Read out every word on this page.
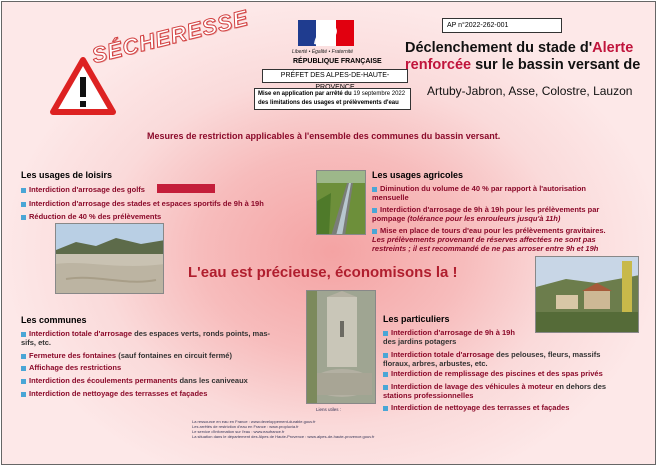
SÉCHERESSE	Liberté • Égalité • Fraternité
RÉPUBLIQUE FRANÇAISE
PRÉFET DES ALPES-DE-HAUTE-
Mise en application par arrêté du 19 septembre 2022
des limitations des usages et prélèvements d'eau
AP n°2022-262-001
Déclenchement du stade d'Alerte
renforcée sur le bassin versant de
Artuby-Jabron, Asse, Colostre, Lauzon
Mesures de restriction applicables à l'ensemble des communes du bassin versant.
Les usages de loisirs
Interdiction d'arrosage des golfs
Interdiction d'arrosage des stades et espaces sportifs de 9h à 19h
Réduction de 40 % des prélèvements
Les usages agricoles
Diminution du volume de 40 % par rapport à l'autorisation
mensuelle
Interdiction d'arrosage de 9h à 19h pour les prélèvements par
pompage (tolérance pour les enrouleurs jusqu'à 11h)
Mise en place de tours d'eau pour les prélèvements gravitaires.
Les prélèvements provenant de réserves affectées ne sont pas
restreints ; il est recommandé de ne pas arroser entre 9h et 19h
L'eau est précieuse, économisons la !
Les communes
Interdiction totale d'arrosage des espaces verts, ronds points, mas-
sifs, etc.
Fermeture des fontaines (sauf fontaines en circuit fermé)
Affichage des restrictions
Interdiction des écoulements permanents dans les caniveaux
Interdiction de nettoyage des terrasses et façades
Les particuliers
Interdiction d'arrosage de 9h à 19h
des jardins potagers
Interdiction totale d'arrosage des pelouses, fleurs, massifs
floraux, arbres, arbustes, etc.
Interdiction de remplissage des piscines et des spas privés
Interdiction de lavage des véhicules à moteur en dehors des
stations professionnelles
Interdiction de nettoyage des terrasses et façades
Liens utiles :
La ressource en eau en France : www.developpement-durable.gouv.fr
Les arrêtés de restriction d'eau en France : www.propluvia.fr
Le service d'information sur l'eau : www.eaufrance.fr
La situation dans le département des Alpes de Haute-Provence : www.alpes-de-haute-provence.gouv.fr
